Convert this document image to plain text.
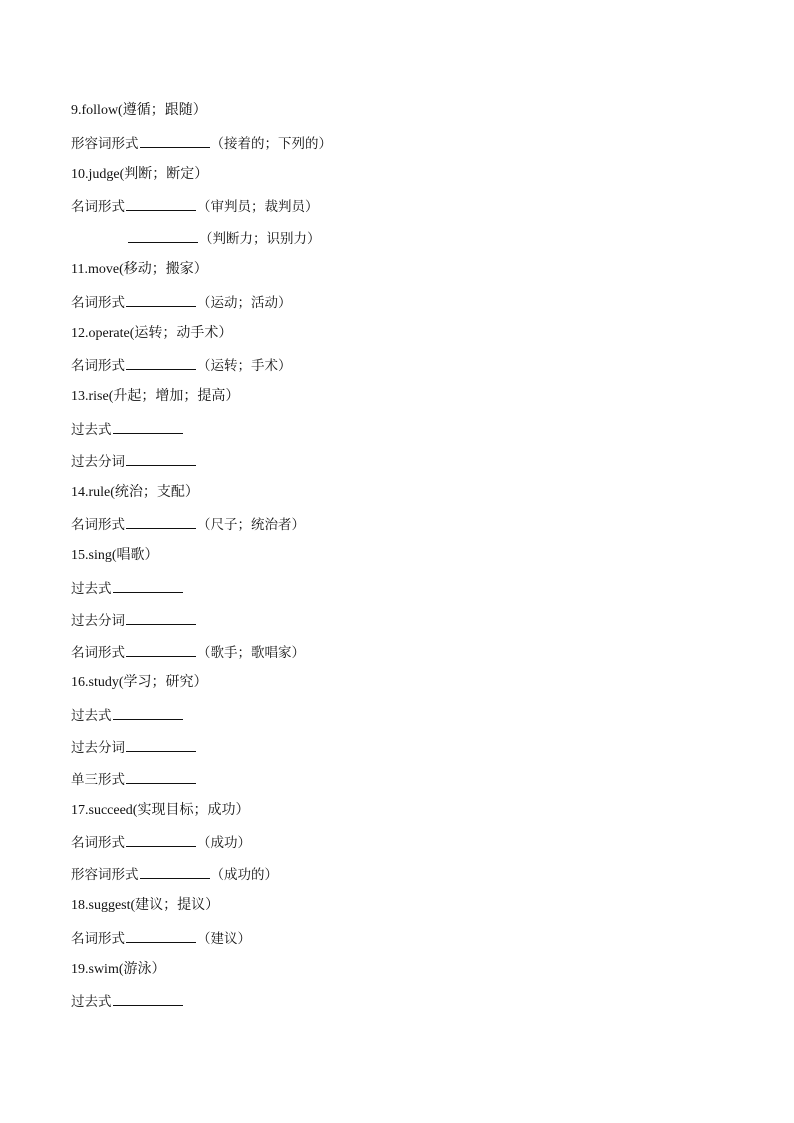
9.follow(遵循；跟随）
形容词形式	（接着的；下列的）
10.judge(判断；断定）
名词形式	（审判员；裁判员）
（判断力；识别力）
11.move(移动；搬家）
名词形式	（运动；活动）
12.operate(运转；动手术）
名词形式	（运转；手术）
13.rise(升起；增加；提高）
过去式
过去分词
14.rule(统治；支配）
名词形式	（尺子；统治者）
15.sing(唱歌）
过去式
过去分词
名词形式	（歌手；歌唱家）
16.study(学习；研究）
过去式
过去分词
单三形式
17.succeed(实现目标；成功）
名词形式	（成功）
形容词形式	（成功的）
18.suggest(建议；提议）
名词形式	（建议）
19.swim(游泳）
过去式
